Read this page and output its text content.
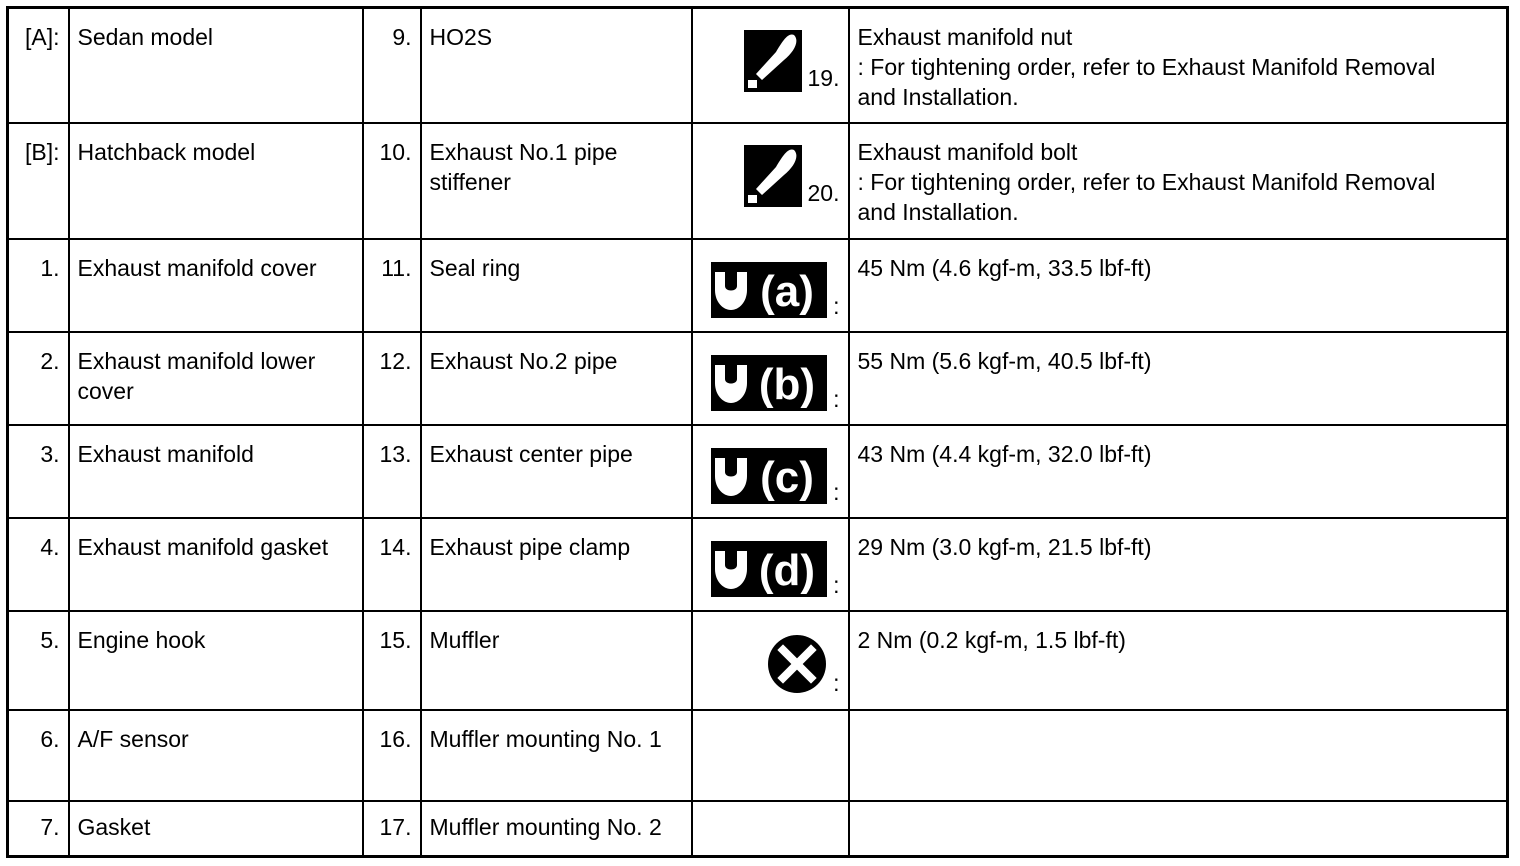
[A]:	Sedan model	9.	HO2S	19.	Exhaust manifold nut
: For tightening order, refer to Exhaust Manifold Removal
and Installation.

[B]:	Hatchback model	10.	Exhaust No.1 pipe stiffener	20.	Exhaust manifold bolt
: For tightening order, refer to Exhaust Manifold Removal
and Installation.

1.	Exhaust manifold cover	11.	Seal ring	(a) :	45 Nm (4.6 kgf-m, 33.5 lbf-ft)
2.	Exhaust manifold lower cover	12.	Exhaust No.2 pipe	(b) :	55 Nm (5.6 kgf-m, 40.5 lbf-ft)
3.	Exhaust manifold	13.	Exhaust center pipe	(c) :	43 Nm (4.4 kgf-m, 32.0 lbf-ft)
4.	Exhaust manifold gasket	14.	Exhaust pipe clamp	(d) :	29 Nm (3.0 kgf-m, 21.5 lbf-ft)
5.	Engine hook	15.	Muffler	:	2 Nm (0.2 kgf-m, 1.5 lbf-ft)
6.	A/F sensor	16.	Muffler mounting No. 1		
7.	Gasket	17.	Muffler mounting No. 2		
